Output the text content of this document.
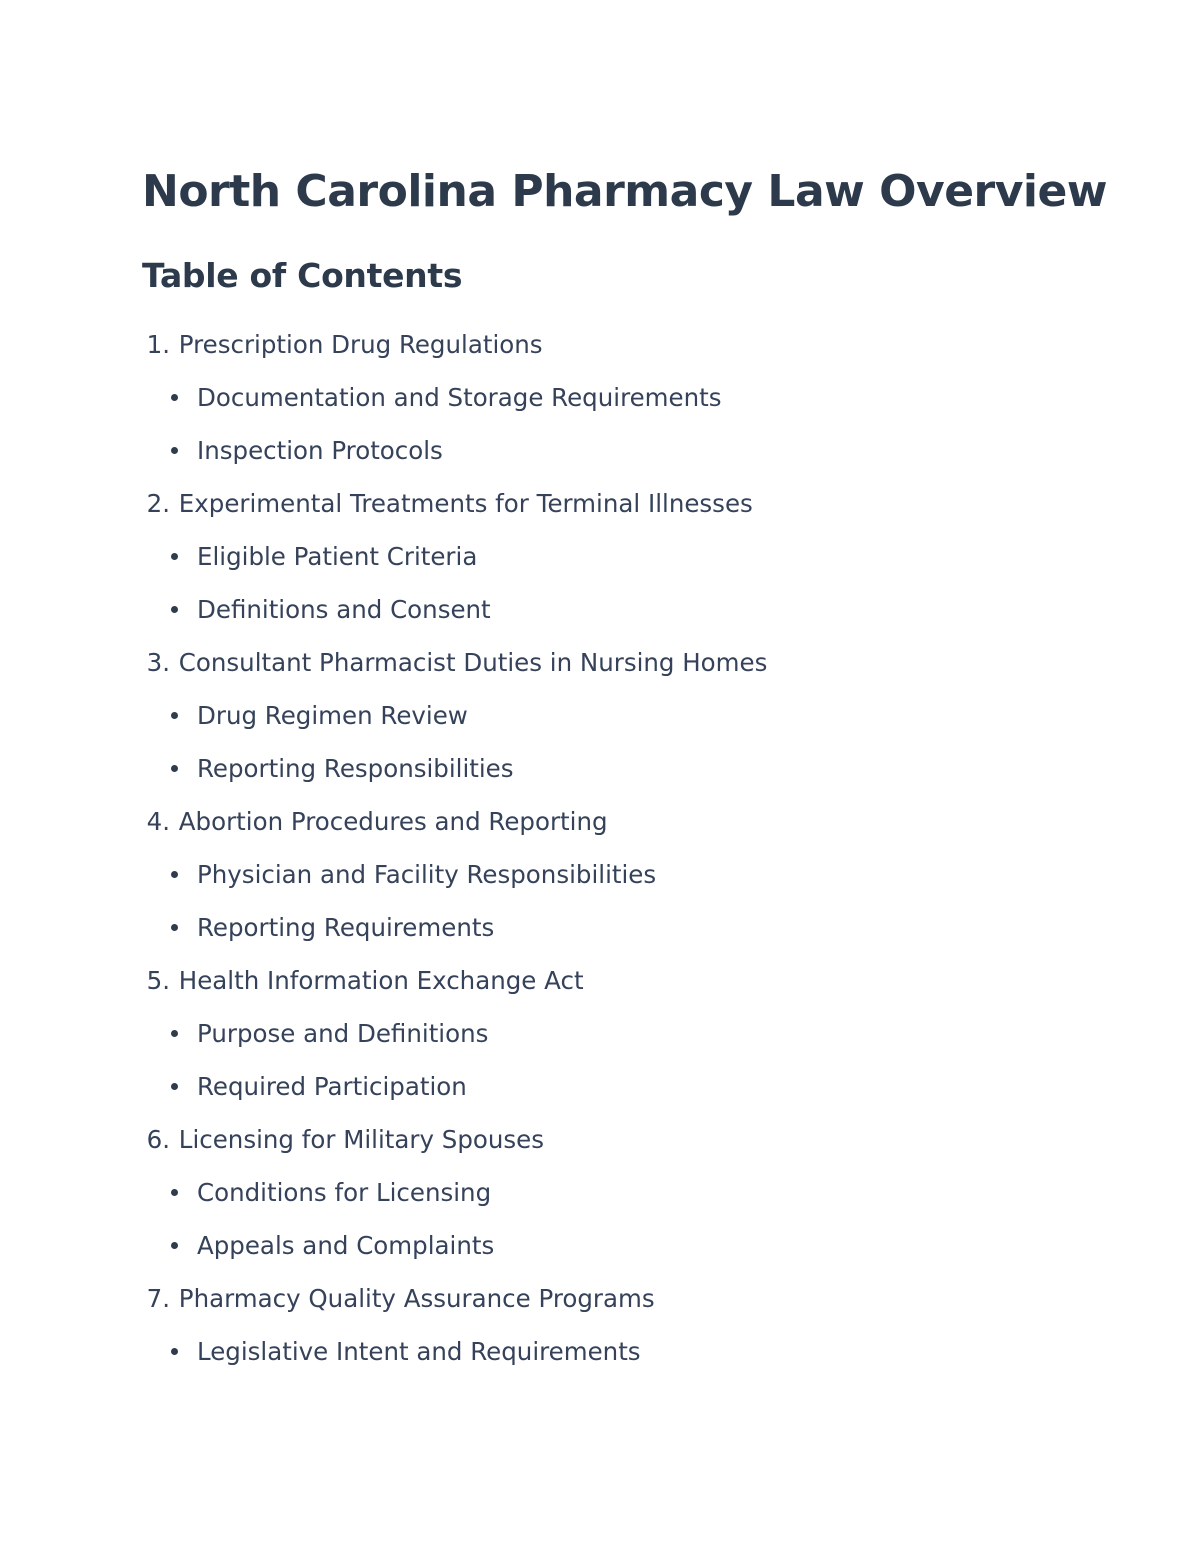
North Carolina Pharmacy Law Overview
Table of Contents
1. Prescription Drug Regulations
Documentation and Storage Requirements
Inspection Protocols
2. Experimental Treatments for Terminal Illnesses
Eligible Patient Criteria
Definitions and Consent
3. Consultant Pharmacist Duties in Nursing Homes
Drug Regimen Review
Reporting Responsibilities
4. Abortion Procedures and Reporting
Physician and Facility Responsibilities
Reporting Requirements
5. Health Information Exchange Act
Purpose and Definitions
Required Participation
6. Licensing for Military Spouses
Conditions for Licensing
Appeals and Complaints
7. Pharmacy Quality Assurance Programs
Legislative Intent and Requirements
